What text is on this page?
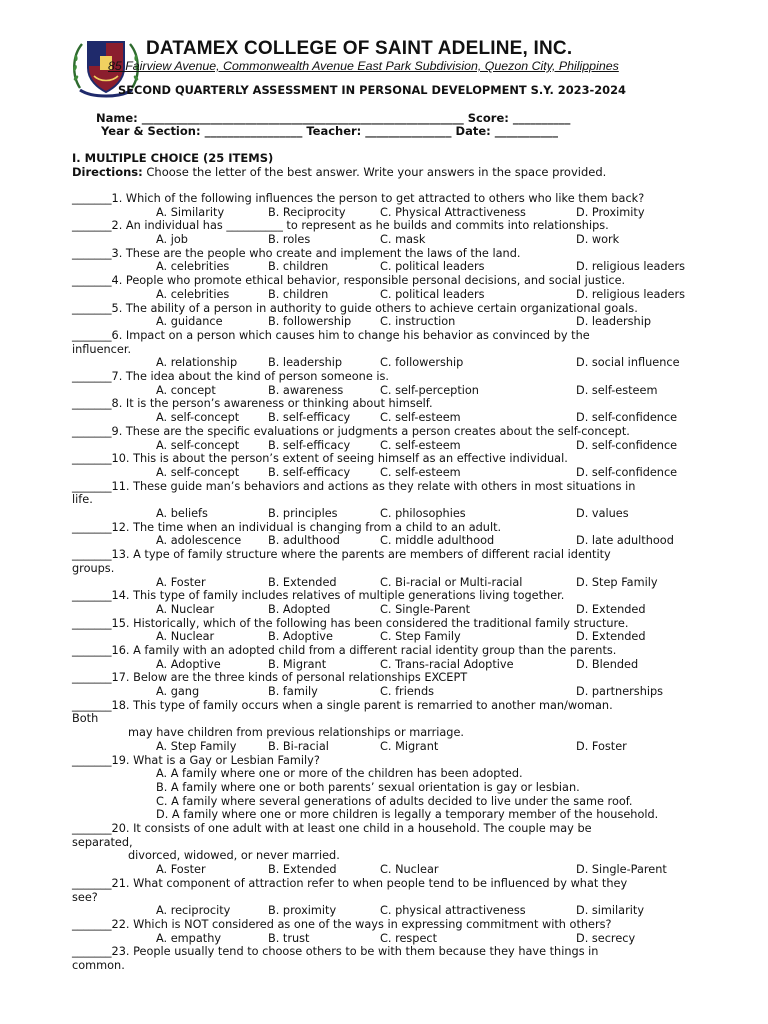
DATAMEX COLLEGE OF SAINT ADELINE, INC.
85 Fairview Avenue, Commonwealth Avenue East Park Subdivision, Quezon City, Philippines
SECOND QUARTERLY ASSESSMENT IN PERSONAL DEVELOPMENT S.Y. 2023-2024
Name: ________________________________________________________ Score: __________
Year & Section: _________________ Teacher: _______________ Date: ___________
I. MULTIPLE CHOICE (25 ITEMS)
Directions: Choose the letter of the best answer. Write your answers in the space provided.
_______1. Which of the following influences the person to get attracted to others who like them back?
A. Similarity	B. Reciprocity	C. Physical Attractiveness	D. Proximity
_______2. An individual has __________ to represent as he builds and commits into relationships.
A. job	B. roles	C. mask	D. work
_______3. These are the people who create and implement the laws of the land.
A. celebrities	B. children	C. political leaders	D. religious leaders
_______4. People who promote ethical behavior, responsible personal decisions, and social justice.
A. celebrities	B. children	C. political leaders	D. religious leaders
_______5. The ability of a person in authority to guide others to achieve certain organizational goals.
A. guidance	B. followership	C. instruction	D. leadership
_______6. Impact on a person which causes him to change his behavior as convinced by the
influencer.
A. relationship	B. leadership	C. followership	D. social influence
_______7. The idea about the kind of person someone is.
A. concept	B. awareness	C. self-perception	D. self-esteem
_______8. It is the person’s awareness or thinking about himself.
A. self-concept	B. self-efficacy	C. self-esteem	D. self-confidence
_______9. These are the specific evaluations or judgments a person creates about the self-concept.
A. self-concept	B. self-efficacy	C. self-esteem	D. self-confidence
_______10. This is about the person’s extent of seeing himself as an effective individual.
A. self-concept	B. self-efficacy	C. self-esteem	D. self-confidence
_______11. These guide man’s behaviors and actions as they relate with others in most situations in
life.
A. beliefs	B. principles	C. philosophies	D. values
_______12. The time when an individual is changing from a child to an adult.
A. adolescence B. adulthood	C. middle adulthood	D. late adulthood
_______13. A type of family structure where the parents are members of different racial identity
groups.
A. Foster	B. Extended	C. Bi-racial or Multi-racial	D. Step Family
_______14. This type of family includes relatives of multiple generations living together.
A. Nuclear	B. Adopted	C. Single-Parent	D. Extended
_______15. Historically, which of the following has been considered the traditional family structure.
A. Nuclear	B. Adoptive	C. Step Family	D. Extended
_______16. A family with an adopted child from a different racial identity group than the parents.
A. Adoptive	B. Migrant	C. Trans-racial Adoptive	D. Blended
_______17. Below are the three kinds of personal relationships EXCEPT
A. gang	B. family	C. friends	D. partnerships
_______18. This type of family occurs when a single parent is remarried to another man/woman.
Both
may have children from previous relationships or marriage.
A. Step Family	B. Bi-racial	C. Migrant	D. Foster
_______19. What is a Gay or Lesbian Family?
A. A family where one or more of the children has been adopted.
B. A family where one or both parents’ sexual orientation is gay or lesbian.
C. A family where several generations of adults decided to live under the same roof.
D. A family where one or more children is legally a temporary member of the household.
_______20. It consists of one adult with at least one child in a household. The couple may be
separated,
divorced, widowed, or never married.
A. Foster	B. Extended	C. Nuclear	D. Single-Parent
_______21. What component of attraction refer to when people tend to be influenced by what they
see?
A. reciprocity	B. proximity	C. physical attractiveness	D. similarity
_______22. Which is NOT considered as one of the ways in expressing commitment with others?
A. empathy	B. trust	C. respect	D. secrecy
_______23. People usually tend to choose others to be with them because they have things in
common.
